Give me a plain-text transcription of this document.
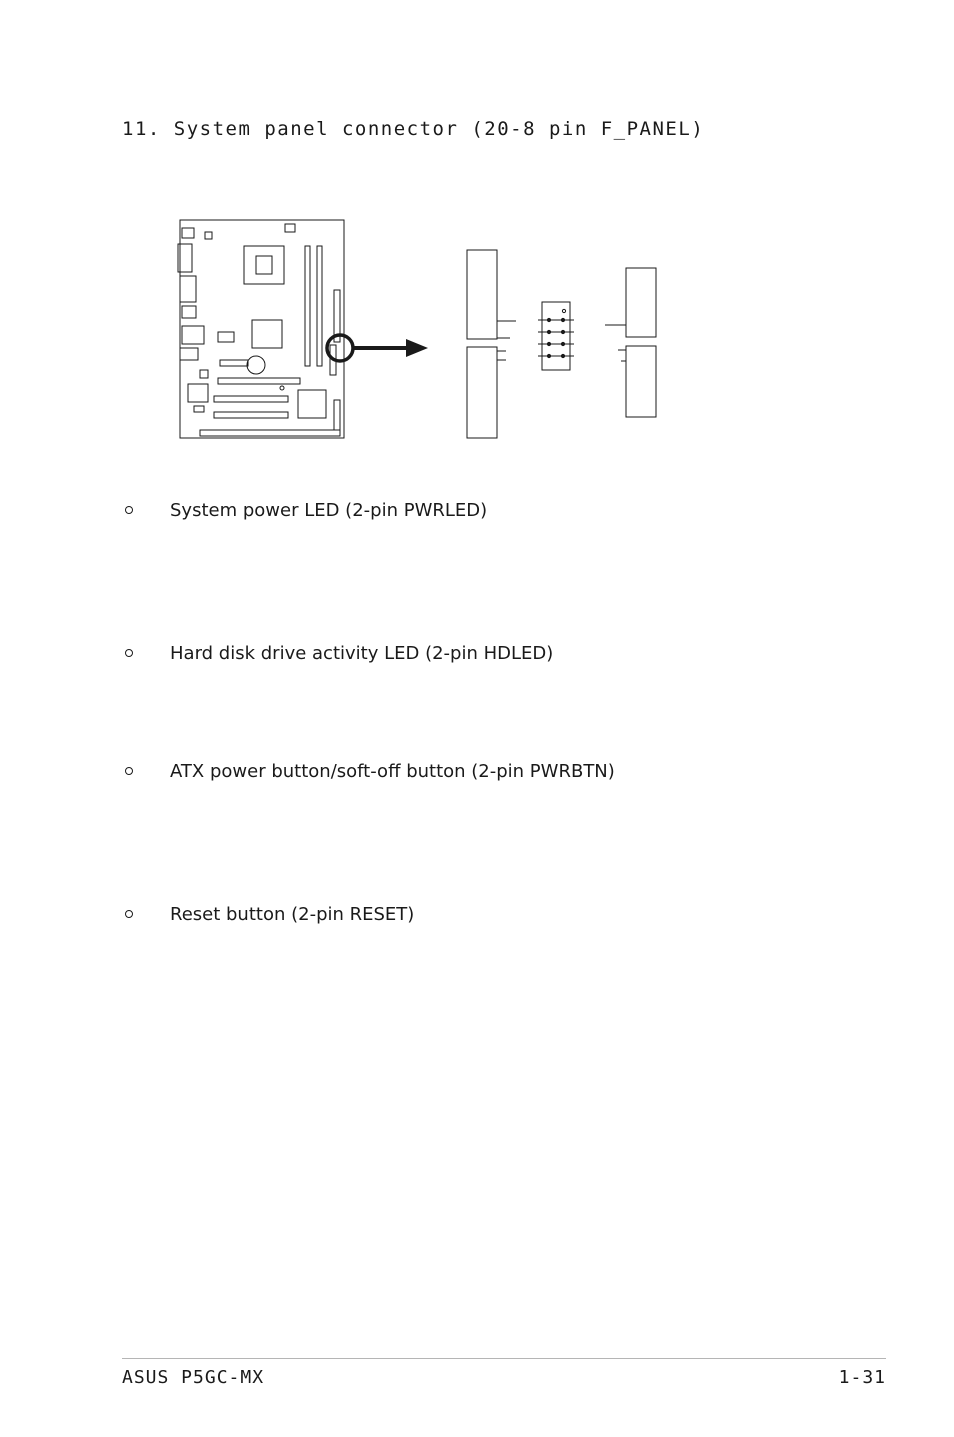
11. System panel connector (20-8 pin F_PANEL)
System power LED (2-pin PWRLED)
Hard disk drive activity LED (2-pin HDLED)
ATX power button/soft-off button (2-pin PWRBTN)
Reset button (2-pin RESET)
ASUS P5GC-MX	1-31
